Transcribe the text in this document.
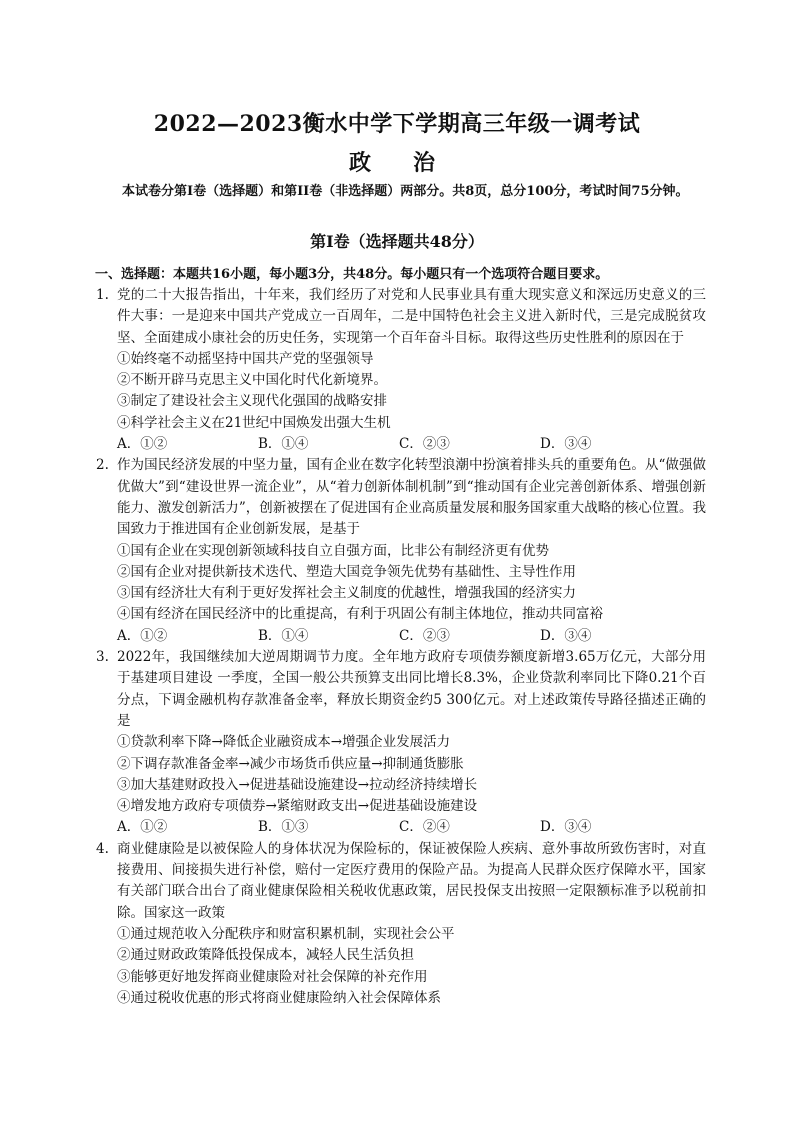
2022—2023衡水中学下学期高三年级一调考试
政　治
本试卷分第I卷（选择题）和第II卷（非选择题）两部分。共8页，总分100分，考试时间75分钟。
第I卷（选择题共48分）
一、选择题：本题共16小题，每小题3分，共48分。每小题只有一个选项符合题目要求。
1. 党的二十大报告指出，十年来，我们经历了对党和人民事业具有重大现实意义和深远历史意义的三件大事：一是迎来中国共产党成立一百周年，二是中国特色社会主义进入新时代，三是完成脱贫攻坚、全面建成小康社会的历史任务，实现第一个百年奋斗目标。取得这些历史性胜利的原因在于
①始终毫不动摇坚持中国共产党的坚强领导
②不断开辟马克思主义中国化时代化新境界。
③制定了建设社会主义现代化强国的战略安排
④科学社会主义在21世纪中国焕发出强大生机
A．①②	B．①④	C．②③	D．③④
2. 作为国民经济发展的中坚力量，国有企业在数字化转型浪潮中扮演着排头兵的重要角色。从“做强做优做大”到“建设世界一流企业”，从“着力创新体制机制”到“推动国有企业完善创新体系、增强创新能力、激发创新活力”，创新被摆在了促进国有企业高质量发展和服务国家重大战略的核心位置。我国致力于推进国有企业创新发展，是基于
①国有企业在实现创新领域科技自立自强方面，比非公有制经济更有优势
②国有企业对提供新技术迭代、塑造大国竞争领先优势有基础性、主导性作用
③国有经济壮大有利于更好发挥社会主义制度的优越性，增强我国的经济实力
④国有经济在国民经济中的比重提高，有利于巩固公有制主体地位，推动共同富裕
A．①②	B．①④	C．②③	D．③④
3. 2022年，我国继续加大逆周期调节力度。全年地方政府专项债券额度新增3.65万亿元，大部分用于基建项目建设 一季度，全国一般公共预算支出同比增长8.3%，企业贷款利率同比下降0.21个百分点，下调金融机构存款准备金率，释放长期资金约5 300亿元。对上述政策传导路径描述正确的是
①贷款利率下降→降低企业融资成本→增强企业发展活力
②下调存款准备金率→减少市场货币供应量→抑制通货膨胀
③加大基建财政投入→促进基础设施建设→拉动经济持续增长
④增发地方政府专项债券→紧缩财政支出→促进基础设施建设
A．①②	B．①③	C．②④	D．③④
4. 商业健康险是以被保险人的身体状况为保险标的，保证被保险人疾病、意外事故所致伤害时，对直接费用、间接损失进行补偿，赔付一定医疗费用的保险产品。为提高人民群众医疗保障水平，国家有关部门联合出台了商业健康保险相关税收优惠政策，居民投保支出按照一定限额标准予以税前扣除。国家这一政策
①通过规范收入分配秩序和财富积累机制，实现社会公平
②通过财政政策降低投保成本，减轻人民生活负担
③能够更好地发挥商业健康险对社会保障的补充作用
④通过税收优惠的形式将商业健康险纳入社会保障体系
